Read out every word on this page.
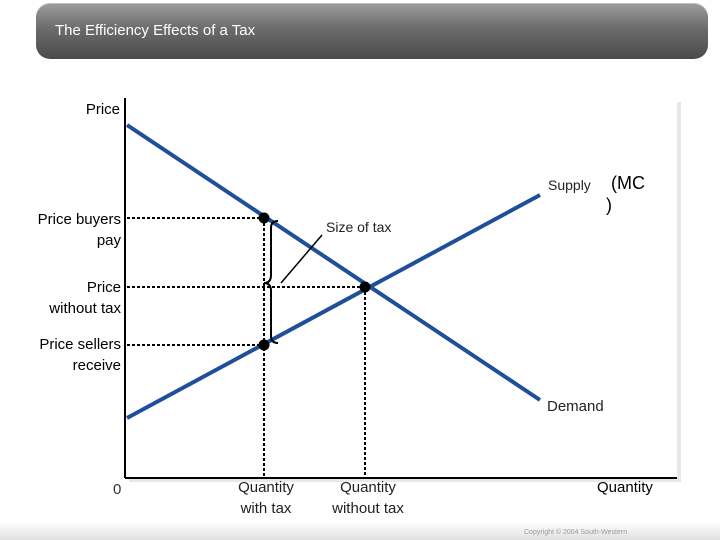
The Efficiency Effects of a Tax
Price
Quantity
0
Supply (MC
)
Demand
Size of tax
Price buyers
pay
Price
without tax
Price sellers
receive
Quantity
with tax
Quantity
without tax
Copyright © 2004 South-Western
